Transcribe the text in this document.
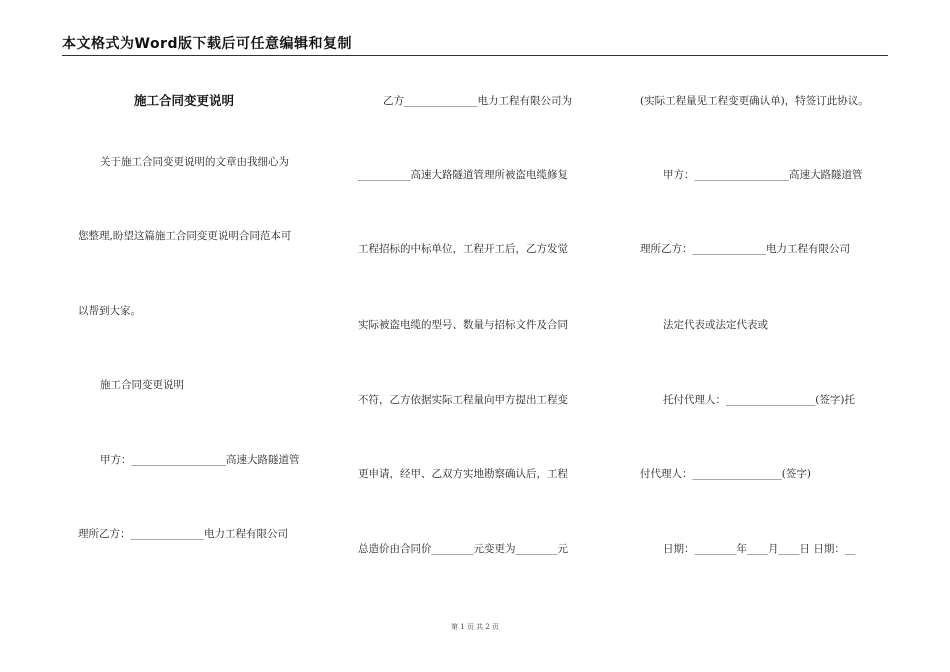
本文格式为Word版下载后可任意编辑和复制
施工合同变更说明
关于施工合同变更说明的文章由我细心为
您整理,盼望这篇施工合同变更说明合同范本可
以帮到大家。
施工合同变更说明
甲方：__________________高速大路隧道管
理所乙方：______________电力工程有限公司
乙方______________电力工程有限公司为
__________高速大路隧道管理所被盗电缆修复
工程招标的中标单位，工程开工后，乙方发觉
实际被盗电缆的型号、数量与招标文件及合同
不符，乙方依据实际工程量向甲方提出工程变
更申请，经甲、乙双方实地勘察确认后，工程
总造价由合同价________元变更为________元
(实际工程量见工程变更确认单)，特签订此协议。
甲方：__________________高速大路隧道管
理所乙方：______________电力工程有限公司
法定代表或法定代表或
托付代理人：_________________(签字)托
付代理人：_________________(签字)
日期：________年____月____日 日期：__
第 1 页 共 2 页
